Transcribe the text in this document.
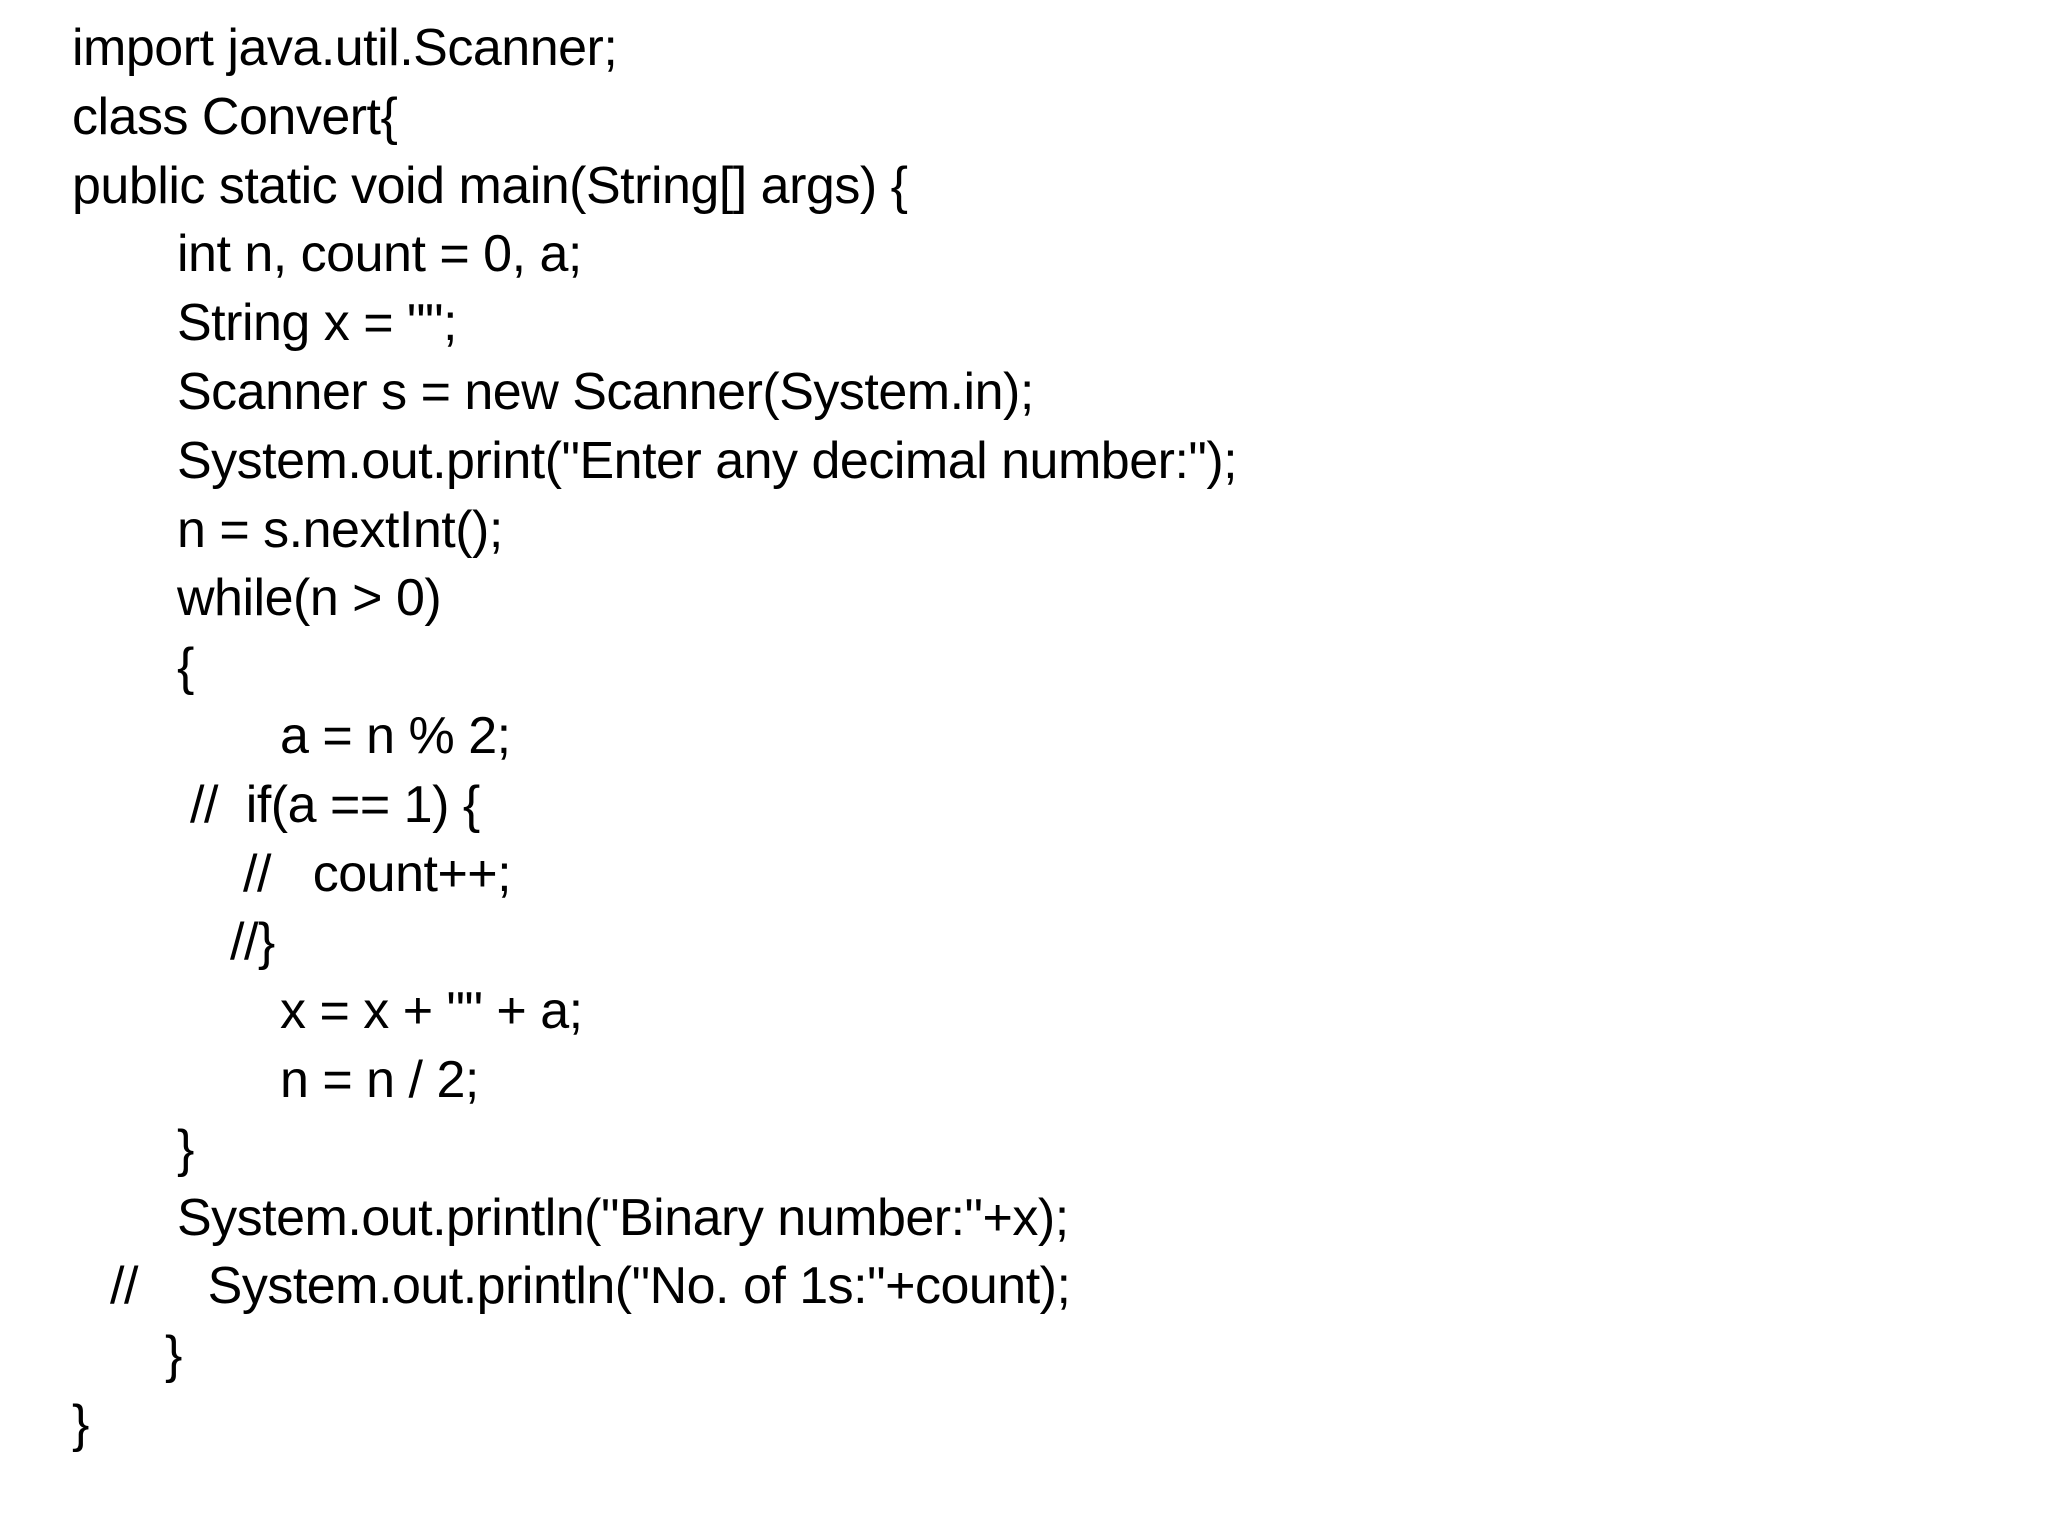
import java.util.Scanner;
class Convert{
public static void main(String[] args) {
int n, count = 0, a;
String x = "";
Scanner s = new Scanner(System.in);
System.out.print("Enter any decimal number:");
n = s.nextInt();
while(n > 0)
{
a = n % 2;
//  if(a == 1) {
//   count++;
//}
x = x + "" + a;
n = n / 2;
}
System.out.println("Binary number:"+x);
//     System.out.println("No. of 1s:"+count);
}
}
